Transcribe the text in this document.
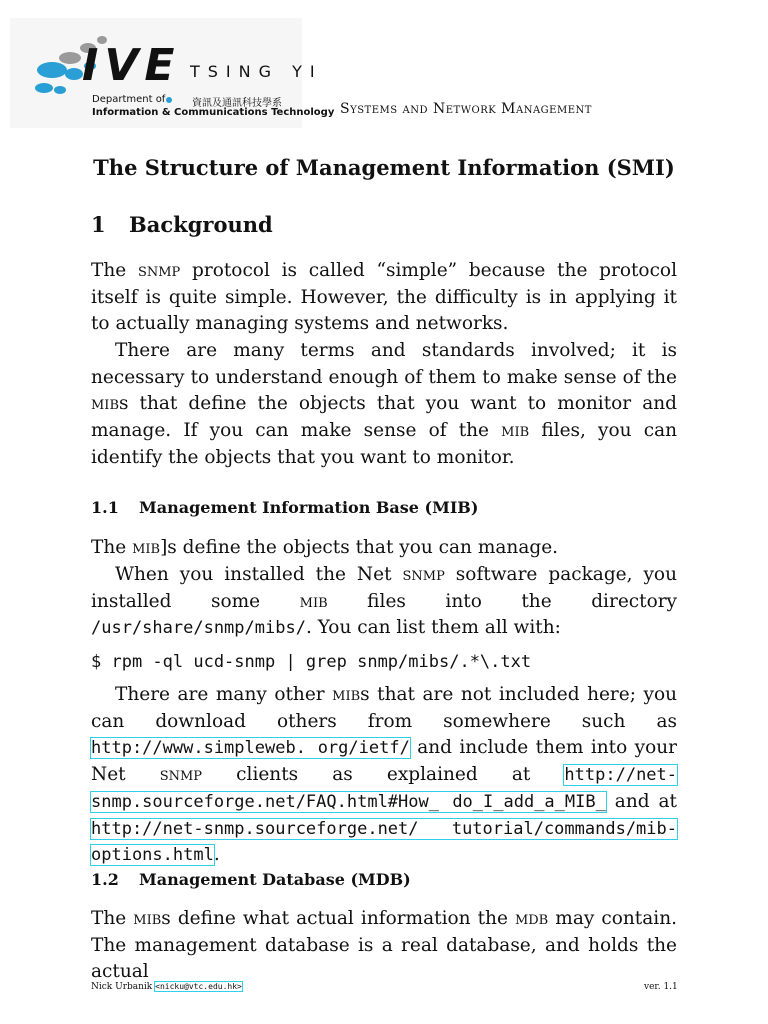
IVE TSING YI
Department of	資訊及通訊科技學系
Information & Communications Technology Systems and Network Management
The Structure of Management Information (SMI)
1 Background
The snmp protocol is called “simple” because the protocol itself is quite simple. However, the difficulty is in applying it to actually managing systems and networks.
There are many terms and standards involved; it is necessary to understand enough of them to make sense of the mibs that define the objects that you want to monitor and manage. If you can make sense of the mib files, you can identify the objects that you want to monitor.
1.1 Management Information Base (MIB)
The mib]s define the objects that you can manage.
When you installed the Net snmp software package, you installed some mib files into the directory /usr/share/snmp/mibs/. You can list them all with:
$ rpm -ql ucd-snmp | grep snmp/mibs/.*\.txt
There are many other mibs that are not included here; you can download others from somewhere such as http://www.simpleweb. org/ietf/ and include them into your Net snmp clients as explained at http://net-snmp.sourceforge.net/FAQ.html#How_ do_I_add_a_MIB_ and at http://net-snmp.sourceforge.net/ tutorial/commands/mib-options.html.
1.2 Management Database (MDB)
The mibs define what actual information the mdb may contain. The management database is a real database, and holds the actual
Nick Urbanik <nicku@vtc.edu.hk>	ver. 1.1
